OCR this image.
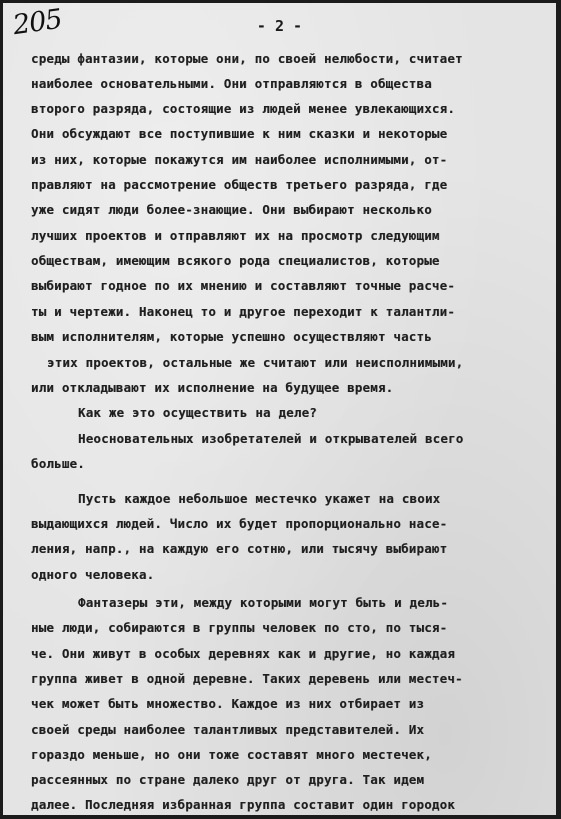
205	- 2 -
среды фантазии, которые они, по своей нелюбости, считает
наиболее основательными. Они отправляются в общества
второго разряда, состоящие из людей менее увлекающихся.
Они обсуждают все поступившие к ним сказки и некоторые
из них, которые покажутся им наиболее исполнимыми, от-
правляют на рассмотрение обществ третьего разряда, где
уже сидят люди более-знающие. Они выбирают несколько
лучших проектов и отправляют их на просмотр следующим
обществам, имеющим всякого рода специалистов, которые
выбирают годное по их мнению и составляют точные расче-
ты и чертежи. Наконец то и другое переходит к талантли-
вым исполнителям, которые успешно осуществляют часть
этих проектов, остальные же считают или неисполнимыми,
или откладывают их исполнение на будущее время.
Как же это осуществить на деле?
Неосновательных изобретателей и открывателей всего
больше.
Пусть каждое небольшое местечко укажет на своих
выдающихся людей. Число их будет пропорционально насе-
ления, напр., на каждую его сотню, или тысячу выбирают
одного человека.
Фантазеры эти, между которыми могут быть и дель-
ные люди, собираются в группы человек по сто, по тыся-
че. Они живут в особых деревнях как и другие, но каждая
группа живет в одной деревне. Таких деревень или местеч-
чек может быть множество. Каждое из них отбирает из
своей среды наиболее талантливых представителей. Их
гораздо меньше, но они тоже составят много местечек,
рассеянных по стране далеко друг от друга. Так идем
далее. Последняя избранная группа составит один городок
